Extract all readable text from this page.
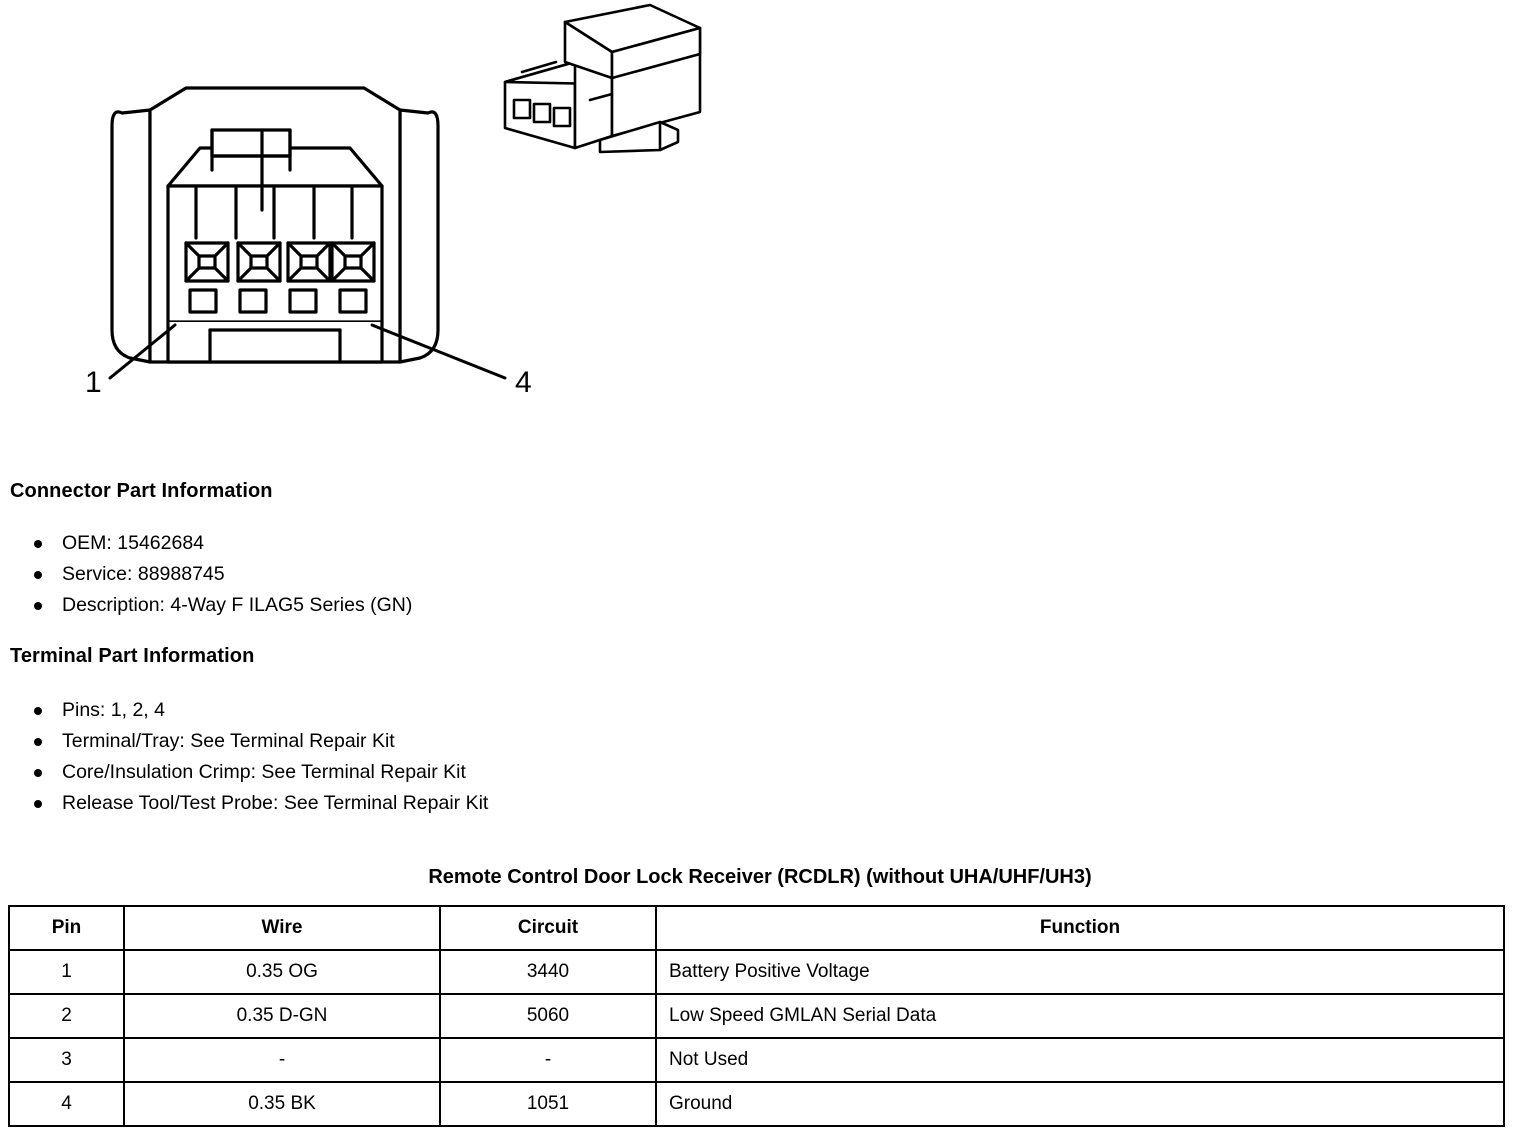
1	4
Connector Part Information
OEM: 15462684
Service: 88988745
Description: 4-Way F ILAG5 Series (GN)
Terminal Part Information
Pins: 1, 2, 4
Terminal/Tray: See Terminal Repair Kit
Core/Insulation Crimp: See Terminal Repair Kit
Release Tool/Test Probe: See Terminal Repair Kit
Remote Control Door Lock Receiver (RCDLR) (without UHA/UHF/UH3)
Pin	Wire	Circuit	Function
1	0.35 OG	3440	Battery Positive Voltage
2	0.35 D-GN	5060	Low Speed GMLAN Serial Data
3	-	-	Not Used
4	0.35 BK	1051	Ground
